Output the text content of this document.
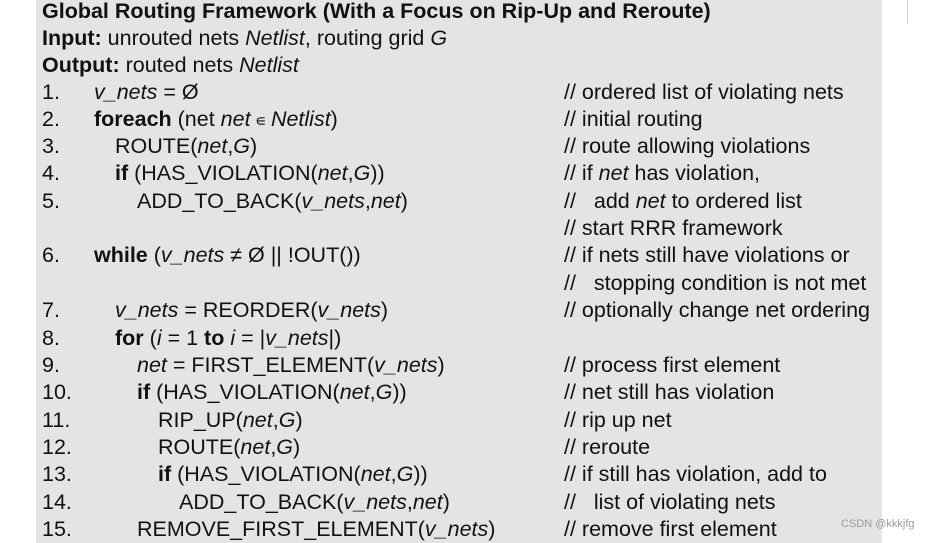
Global Routing Framework (With a Focus on Rip-Up and Reroute)
Input: unrouted nets Netlist, routing grid G
Output: routed nets Netlist
1. v_nets = Ø	// ordered list of violating nets
2. foreach (net net ∊ Netlist)	// initial routing
3.	ROUTE(net,G)	// route allowing violations
4.	if (HAS_VIOLATION(net,G))	// if net has violation,
5.	ADD_TO_BACK(v_nets,net)	//   add net to ordered list
// start RRR framework
6. while (v_nets ≠ Ø || !OUT())	// if nets still have violations or
//   stopping condition is not met
7.	v_nets = REORDER(v_nets)	// optionally change net ordering
8.	for (i = 1 to i = |v_nets|)
9.	net = FIRST_ELEMENT(v_nets)	// process first element
10.	if (HAS_VIOLATION(net,G))	// net still has violation
11.	RIP_UP(net,G)	// rip up net
12.	ROUTE(net,G)	// reroute
13.	if (HAS_VIOLATION(net,G))	// if still has violation, add to
14.	ADD_TO_BACK(v_nets,net)	//   list of violating nets
15.	REMOVE_FIRST_ELEMENT(v_nets)	// remove first element	CSDN @kkkjfg
